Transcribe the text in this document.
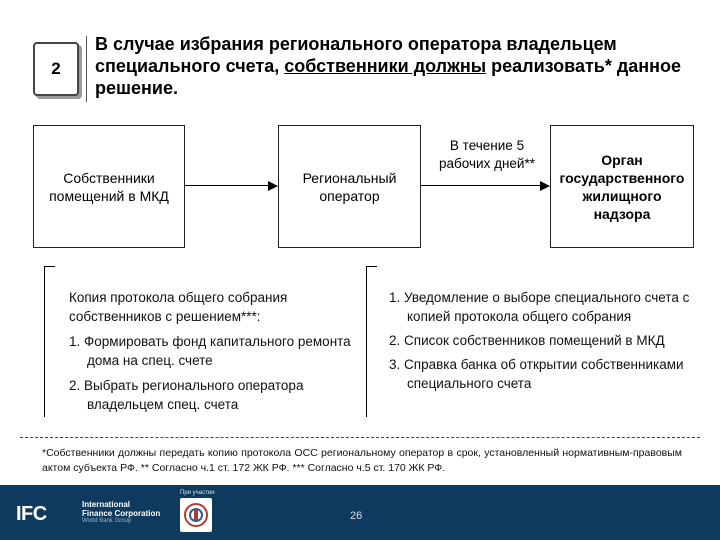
2
В случае избрания регионального оператора владельцем специального счета, собственники должны реализовать* данное решение.
Собственники помещений в МКД
Региональный оператор
Орган государственного жилищного надзора
В течение 5 рабочих дней**
Копия протокола общего собрания собственников с решением***:
1. Формировать фонд капитального ремонта дома на спец. счете
2. Выбрать регионального оператора владельцем спец. счета
1. Уведомление о выборе специального счета с копией протокола общего собрания
2. Список собственников помещений в МКД
3. Справка банка об открытии собственниками специального счета
*Собственники должны передать копию протокола ОСС региональному оператор в срок, установленный нормативным-правовым актом субъекта РФ. ** Согласно ч.1 ст. 172 ЖК РФ. *** Согласно ч.5 ст. 170 ЖК РФ.
IFC	International
Finance Corporation
World Bank Group
При участии
26
